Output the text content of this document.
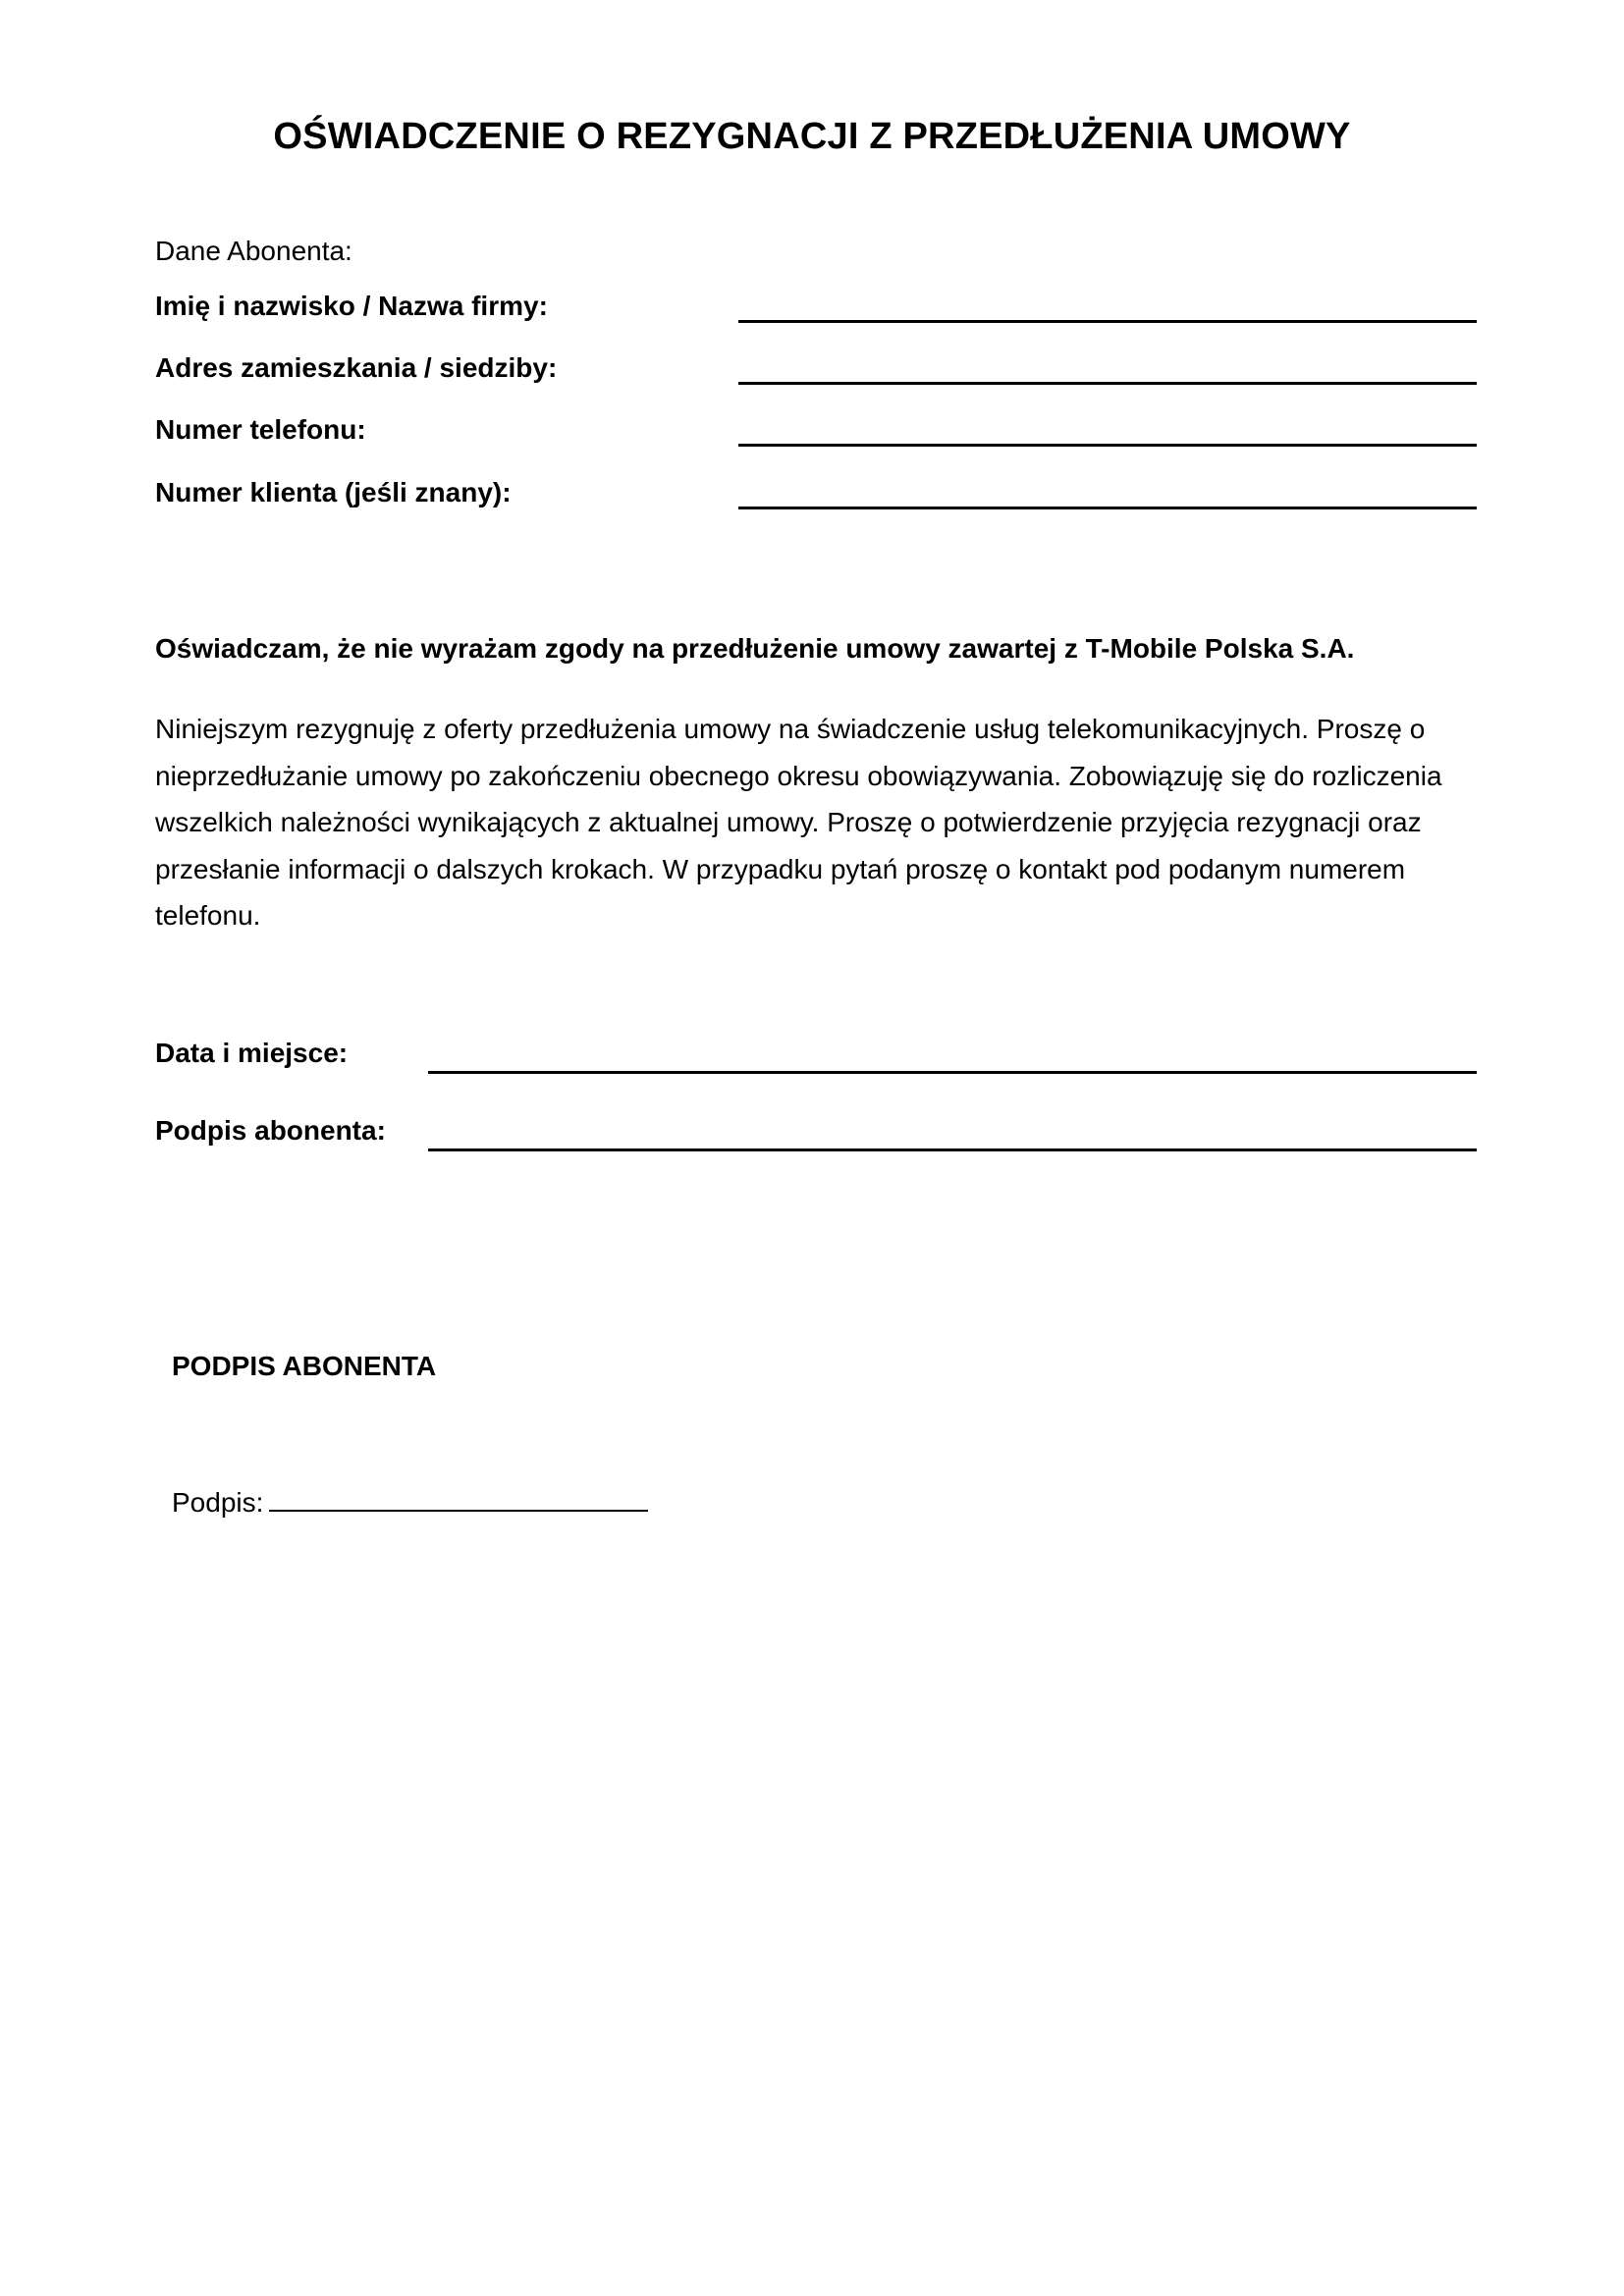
OŚWIADCZENIE O REZYGNACJI Z PRZEDŁUŻENIA UMOWY
Dane Abonenta:
Imię i nazwisko / Nazwa firmy:
Adres zamieszkania / siedziby:
Numer telefonu:
Numer klienta (jeśli znany):
Oświadczam, że nie wyrażam zgody na przedłużenie umowy zawartej z T-Mobile Polska S.A.
Niniejszym rezygnuję z oferty przedłużenia umowy na świadczenie usług telekomunikacyjnych. Proszę o nieprzedłużanie umowy po zakończeniu obecnego okresu obowiązywania. Zobowiązuję się do rozliczenia wszelkich należności wynikających z aktualnej umowy. Proszę o potwierdzenie przyjęcia rezygnacji oraz przesłanie informacji o dalszych krokach. W przypadku pytań proszę o kontakt pod podanym numerem telefonu.
Data i miejsce:
Podpis abonenta:
PODPIS ABONENTA
Podpis:
